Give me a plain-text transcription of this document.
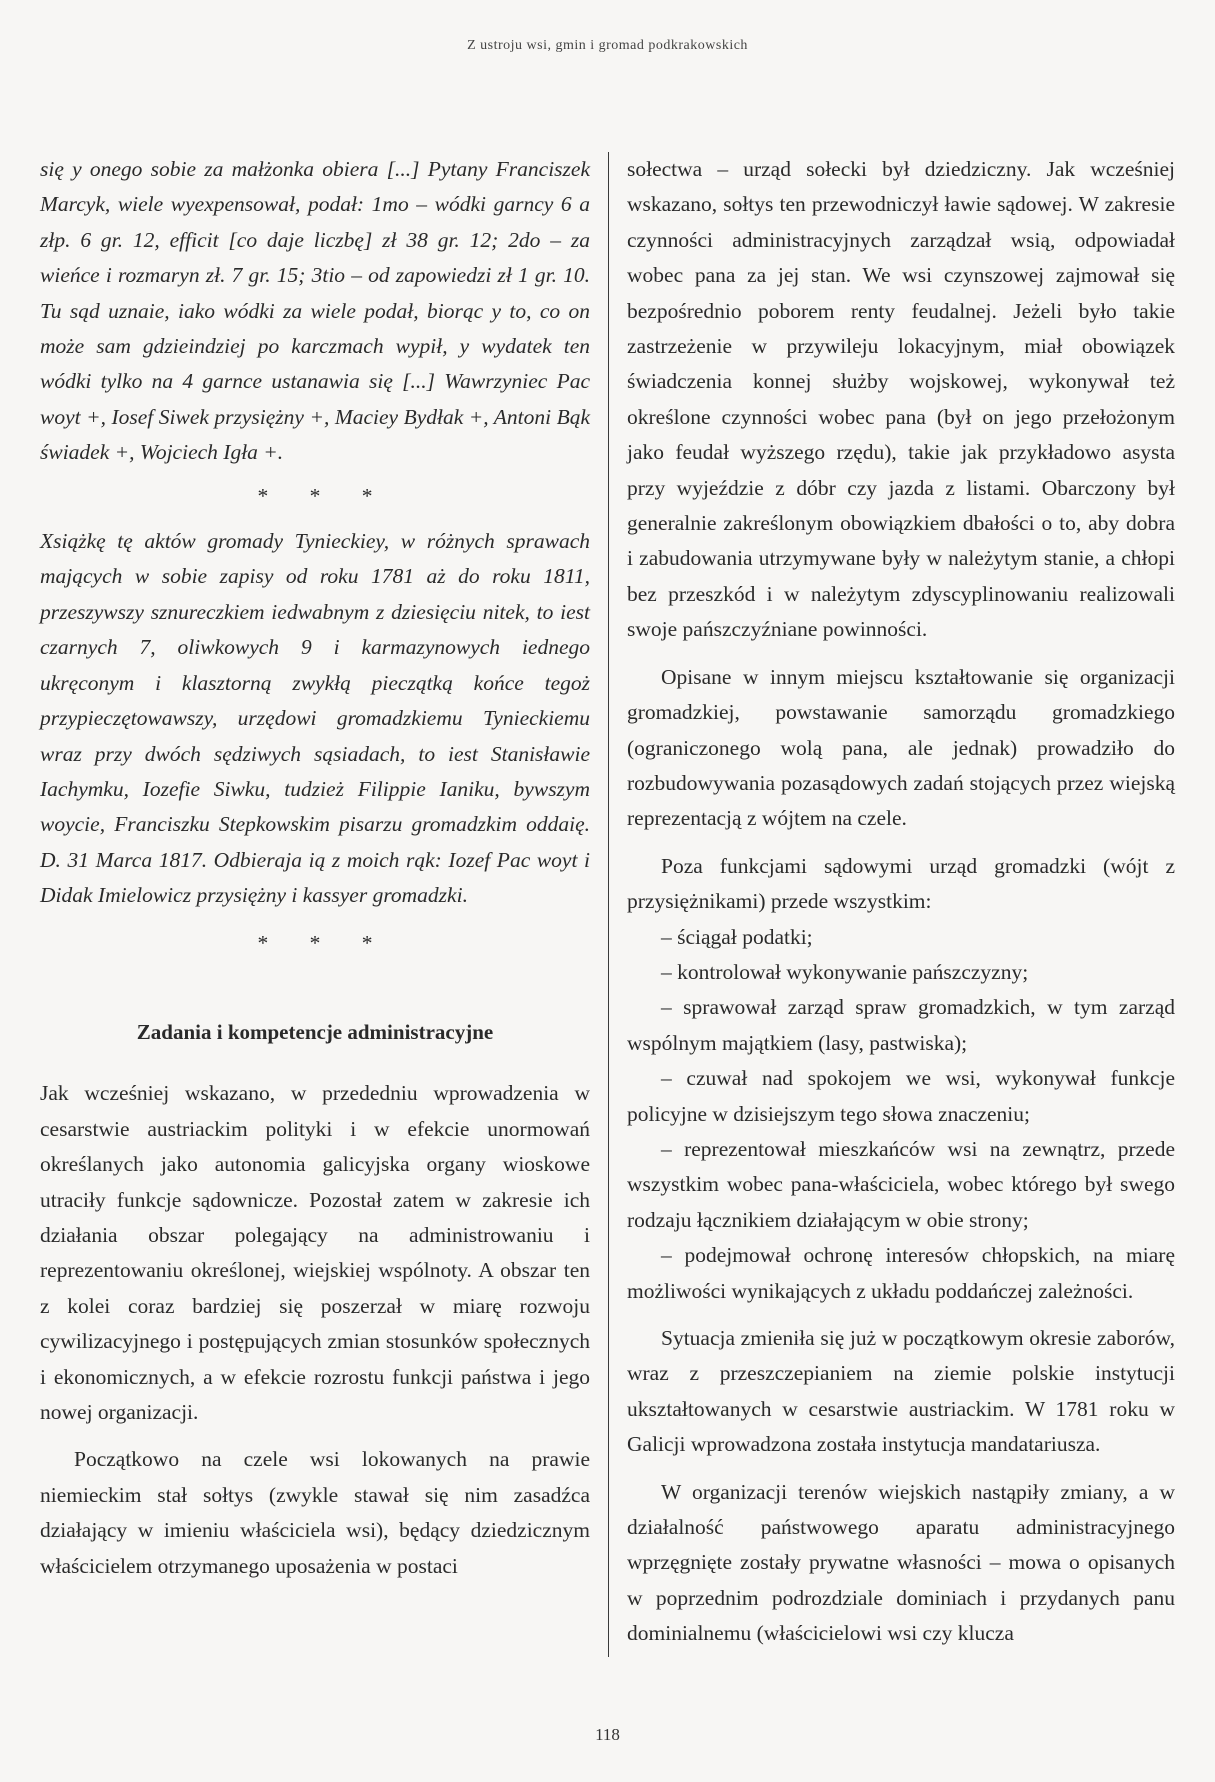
Z ustroju wsi, gmin i gromad podkrakowskich

się y onego sobie za małżonka obiera [...] Pytany Franciszek Marcyk, wiele wyexpensował, podał: 1mo – wódki garncy 6 a złp. 6 gr. 12, efficit [co daje liczbę] zł 38 gr. 12; 2do – za wieńce i rozmaryn zł. 7 gr. 15; 3tio – od zapowiedzi zł 1 gr. 10. Tu sąd uznaie, iako wódki za wiele podał, biorąc y to, co on może sam gdzieindziej po karczmach wypił, y wydatek ten wódki tylko na 4 garnce ustanawia się [...] Wawrzyniec Pac woyt +, Iosef Siwek przysiężny +, Maciey Bydłak +, Antoni Bąk świadek +, Wojciech Igła +.

* * *

Xsiążkę tę aktów gromady Tynieckiey, w różnych sprawach mających w sobie zapisy od roku 1781 aż do roku 1811, przeszywszy sznureczkiem iedwabnym z dziesięciu nitek, to iest czarnych 7, oliwkowych 9 i karmazynowych iednego ukręconym i klasztorną zwykłą pieczątką końce tegoż przypieczętowawszy, urzędowi gromadzkiemu Tynieckiemu wraz przy dwóch sędziwych sąsiadach, to iest Stanisławie Iachymku, Iozefie Siwku, tudzież Filippie Ianiku, bywszym woycie, Franciszku Stepkowskim pisarzu gromadzkim oddaię. D. 31 Marca 1817. Odbieraja ią z moich rąk: Iozef Pac woyt i Didak Imielowicz przysiężny i kassyer gromadzki.

* * *

Zadania i kompetencje administracyjne

Jak wcześniej wskazano, w przededniu wprowadzenia w cesarstwie austriackim polityki i w efekcie unormowań określanych jako autonomia galicyjska organy wioskowe utraciły funkcje sądownicze. Pozostał zatem w zakresie ich działania obszar polegający na administrowaniu i reprezentowaniu określonej, wiejskiej wspólnoty. A obszar ten z kolei coraz bardziej się poszerzał w miarę rozwoju cywilizacyjnego i postępujących zmian stosunków społecznych i ekonomicznych, a w efekcie rozrostu funkcji państwa i jego nowej organizacji.

Początkowo na czele wsi lokowanych na prawie niemieckim stał sołtys (zwykle stawał się nim zasadźca działający w imieniu właściciela wsi), będący dziedzicznym właścicielem otrzymanego uposażenia w postaci

sołectwa – urząd sołecki był dziedziczny. Jak wcześniej wskazano, sołtys ten przewodniczył ławie sądowej. W zakresie czynności administracyjnych zarządzał wsią, odpowiadał wobec pana za jej stan. We wsi czynszowej zajmował się bezpośrednio poborem renty feudalnej. Jeżeli było takie zastrzeżenie w przywileju lokacyjnym, miał obowiązek świadczenia konnej służby wojskowej, wykonywał też określone czynności wobec pana (był on jego przełożonym jako feudał wyższego rzędu), takie jak przykładowo asysta przy wyjeździe z dóbr czy jazda z listami. Obarczony był generalnie zakreślonym obowiązkiem dbałości o to, aby dobra i zabudowania utrzymywane były w należytym stanie, a chłopi bez przeszkód i w należytym zdyscyplinowaniu realizowali swoje pańszczyźniane powinności.

Opisane w innym miejscu kształtowanie się organizacji gromadzkiej, powstawanie samorządu gromadzkiego (ograniczonego wolą pana, ale jednak) prowadziło do rozbudowywania pozasądowych zadań stojących przez wiejską reprezentacją z wójtem na czele.

Poza funkcjami sądowymi urząd gromadzki (wójt z przysiężnikami) przede wszystkim:

– ściągał podatki;

– kontrolował wykonywanie pańszczyzny;

– sprawował zarząd spraw gromadzkich, w tym zarząd wspólnym majątkiem (lasy, pastwiska);

– czuwał nad spokojem we wsi, wykonywał funkcje policyjne w dzisiejszym tego słowa znaczeniu;

– reprezentował mieszkańców wsi na zewnątrz, przede wszystkim wobec pana-właściciela, wobec którego był swego rodzaju łącznikiem działającym w obie strony;

– podejmował ochronę interesów chłopskich, na miarę możliwości wynikających z układu poddańczej zależności.

Sytuacja zmieniła się już w początkowym okresie zaborów, wraz z przeszczepianiem na ziemie polskie instytucji ukształtowanych w cesarstwie austriackim. W 1781 roku w Galicji wprowadzona została instytucja mandatariusza.

W organizacji terenów wiejskich nastąpiły zmiany, a w działalność państwowego aparatu administracyjnego wprzęgnięte zostały prywatne własności – mowa o opisanych w poprzednim podrozdziale dominiach i przydanych panu dominialnemu (właścicielowi wsi czy klucza

118
